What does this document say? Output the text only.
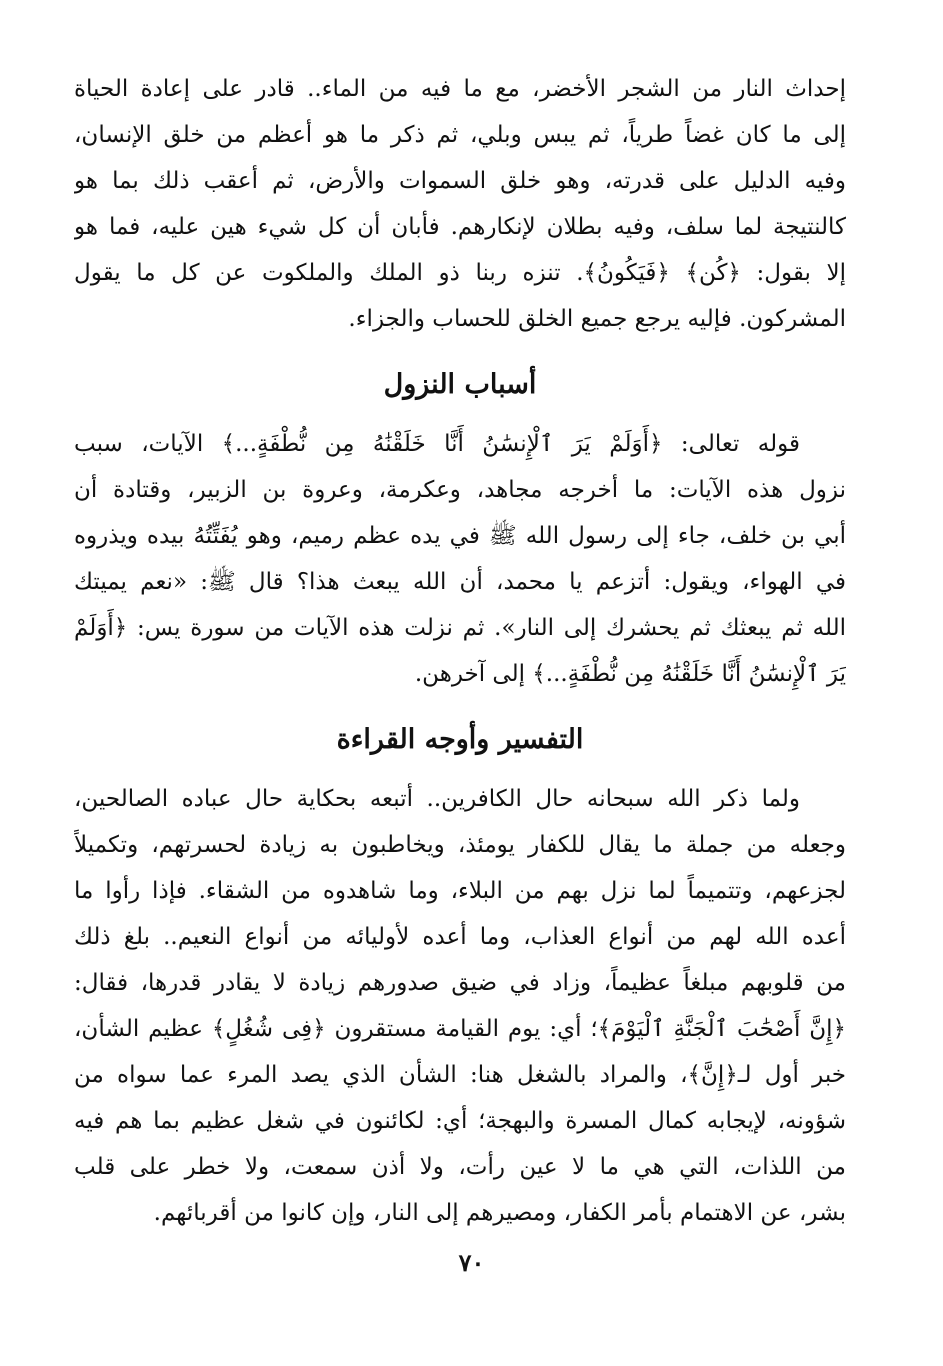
إحداث النار من الشجر الأخضر، مع ما فيه من الماء.. قادر على إعادة الحياة
إلى ما كان غضاً طرياً، ثم يبس وبلي، ثم ذكر ما هو أعظم من خلق الإنسان،
وفيه الدليل على قدرته، وهو خلق السموات والأرض، ثم أعقب ذلك بما هو
كالنتيجة لما سلف، وفيه بطلان لإنكارهم. فأبان أن كل شيء هين عليه، فما هو
إلا بقول: ﴿كُن﴾ ﴿فَيَكُونُ﴾. تنزه ربنا ذو الملك والملكوت عن كل ما يقول
المشركون. فإليه يرجع جميع الخلق للحساب والجزاء.
أسباب النزول
قوله تعالى: ﴿أَوَلَمْ يَرَ ٱلْإِنسَٰنُ أَنَّا خَلَقْنَٰهُ مِن نُّطْفَةٍ...﴾ الآيات، سبب
نزول هذه الآيات: ما أخرجه مجاهد، وعكرمة، وعروة بن الزبير، وقتادة أن
أبي بن خلف، جاء إلى رسول الله ﷺ في يده عظم رميم، وهو يُفَتِّتُهُ بيده ويذروه
في الهواء، ويقول: أتزعم يا محمد، أن الله يبعث هذا؟ قال ﷺ: «نعم يميتك
الله ثم يبعثك ثم يحشرك إلى النار». ثم نزلت هذه الآيات من سورة يس: ﴿أَوَلَمْ
يَرَ ٱلْإِنسَٰنُ أَنَّا خَلَقْنَٰهُ مِن نُّطْفَةٍ...﴾ إلى آخرهن.
التفسير وأوجه القراءة
ولما ذكر الله سبحانه حال الكافرين.. أتبعه بحكاية حال عباده الصالحين،
وجعله من جملة ما يقال للكفار يومئذ، ويخاطبون به زيادة لحسرتهم، وتكميلاً
لجزعهم، وتتميماً لما نزل بهم من البلاء، وما شاهدوه من الشقاء. فإذا رأوا ما
أعده الله لهم من أنواع العذاب، وما أعده لأوليائه من أنواع النعيم.. بلغ ذلك
من قلوبهم مبلغاً عظيماً، وزاد في ضيق صدورهم زيادة لا يقادر قدرها، فقال:
﴿إِنَّ أَصْحَٰبَ ٱلْجَنَّةِ ٱلْيَوْمَ﴾؛ أي: يوم القيامة مستقرون ﴿فِى شُغُلٍ﴾ عظيم الشأن،
خبر أول لـ﴿إِنَّ﴾، والمراد بالشغل هنا: الشأن الذي يصد المرء عما سواه من
شؤونه، لإيجابه كمال المسرة والبهجة؛ أي: لكائنون في شغل عظيم بما هم فيه
من اللذات، التي هي ما لا عين رأت، ولا أذن سمعت، ولا خطر على قلب
بشر، عن الاهتمام بأمر الكفار، ومصيرهم إلى النار، وإن كانوا من أقربائهم.
٧٠
